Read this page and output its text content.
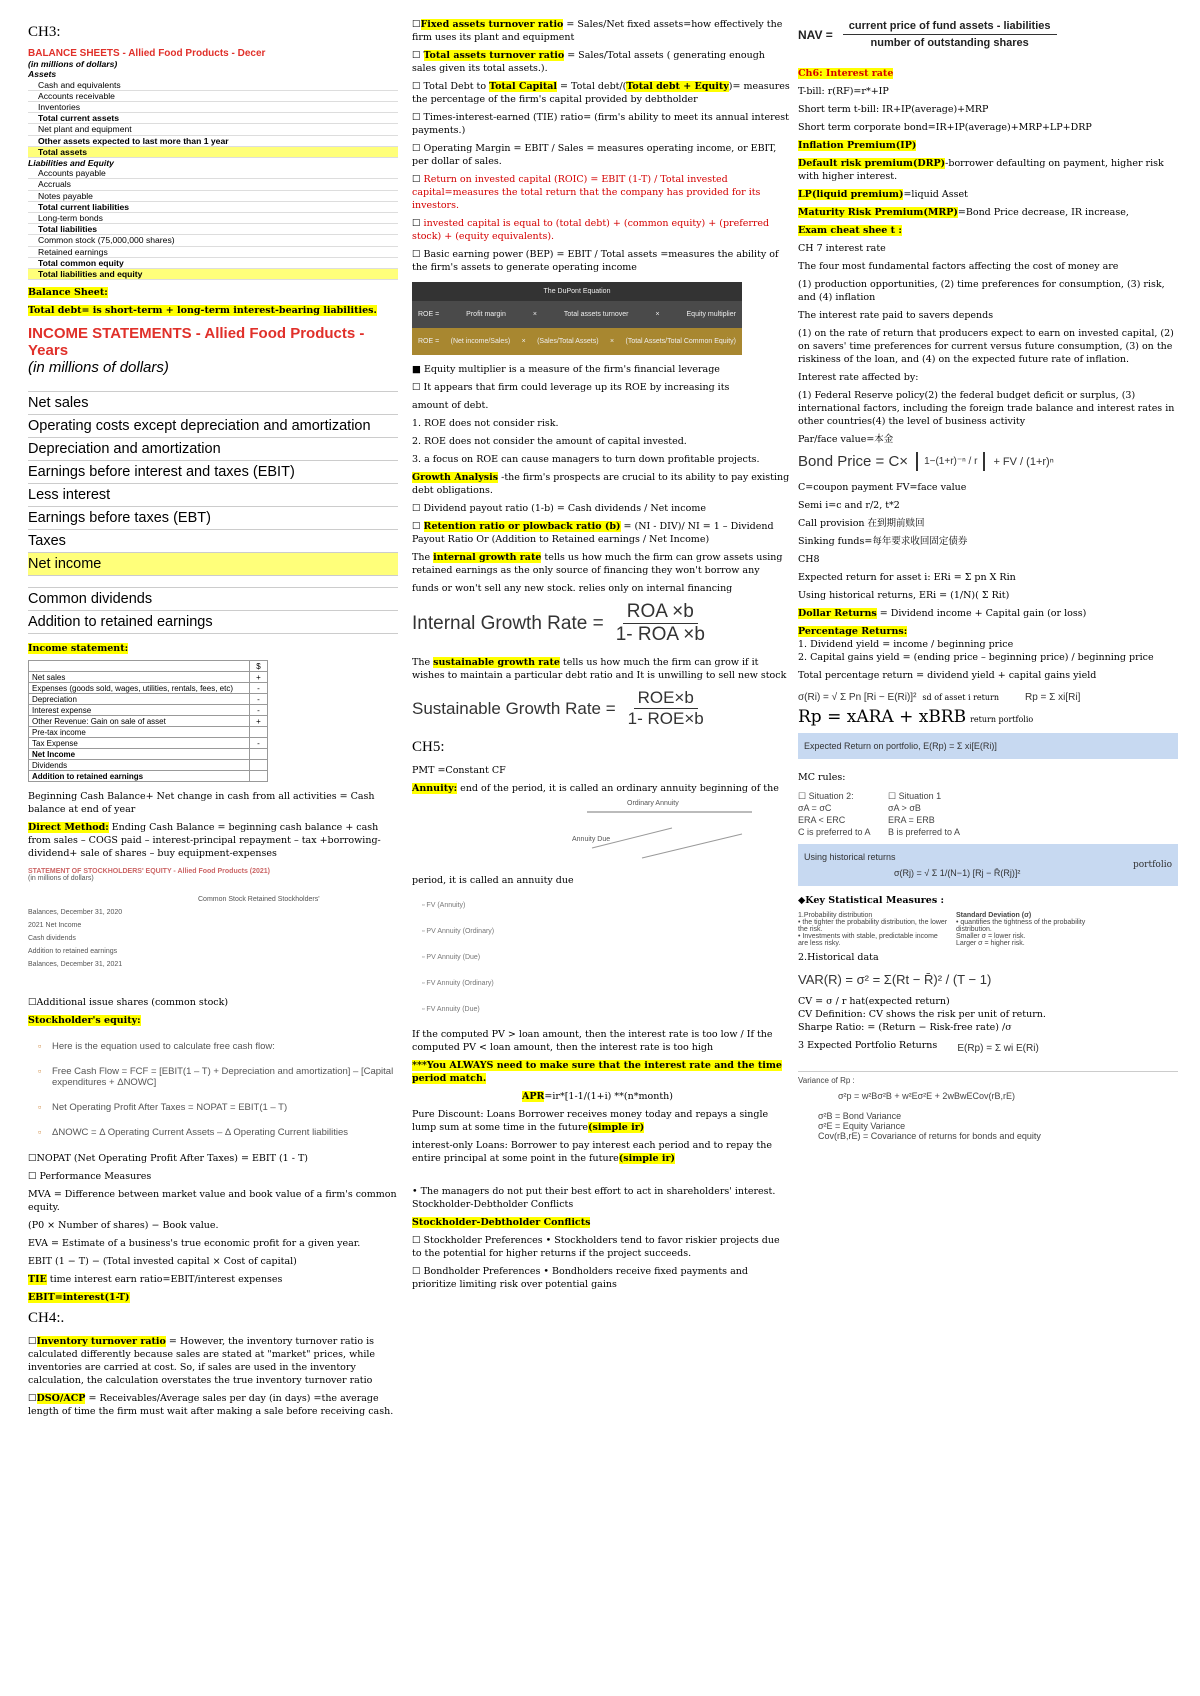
CH3:
BALANCE SHEETS - Allied Food Products - Decer
(in millions of dollars)
Assets
Cash and equivalents
Accounts receivable
Inventories
Total current assets
Net plant and equipment
Other assets expected to last more than 1 year
Total assets
Liabilities and Equity
Accounts payable
Accruals
Notes payable
Total current liabilities
Long-term bonds
Total liabilities
Common stock (75,000,000 shares)
Retained earnings
Total common equity
Total liabilities and equity

Balance Sheet:

Total debt= is short-term + long-term interest-bearing liabilities.

INCOME STATEMENTS - Allied Food Products - Years
(in millions of dollars)
Net sales
Operating costs except depreciation and amortization
Depreciation and amortization
Earnings before interest and taxes (EBIT)
Less interest
Earnings before taxes (EBT)
Taxes
Net income
Common dividends
Addition to retained earnings

Income statement:

	$
Net sales	+
Expenses (goods sold, wages, utilities, rentals, fees, etc)	-
Depreciation	-
Interest expense	-
Other Revenue: Gain on sale of asset	+
Pre-tax income	
Tax Expense	-
Net Income	
Dividends	
Addition to retained earnings	

Beginning Cash Balance+ Net change in cash from all activities = Cash balance at end of year

Direct Method: Ending Cash Balance = beginning cash balance + cash from sales – COGS paid – interest-principal repayment – tax +borrowing-dividend+ sale of shares – buy equipment-expenses

STATEMENT OF STOCKHOLDERS' EQUITY - Allied Food Products (2021)
(in millions of dollars)
Common Stock Retained Stockholders'
Balances, December 31, 2020
2021 Net Income
Cash dividends
Addition to retained earnings
Balances, December 31, 2021

☐Additional issue shares (common stock)

Stockholder's equity:

▫ Here is the equation used to calculate free cash flow:
▫ Free Cash Flow = FCF = [EBIT(1 – T) + Depreciation and amortization] – [Capital expenditures + ΔNOWC]
▫ Net Operating Profit After Taxes = NOPAT = EBIT(1 – T)
▫ ΔNOWC = Δ Operating Current Assets – Δ Operating Current liabilities

☐NOPAT (Net Operating Profit After Taxes) = EBIT (1 - T)

☐ Performance Measures

MVA = Difference between market value and book value of a firm's common equity.

(P0 × Number of shares) − Book value.

EVA = Estimate of a business's true economic profit for a given year.

EBIT (1 − T) − (Total invested capital × Cost of capital)

TIE time interest earn ratio=EBIT/interest expenses

EBIT=interest(1-T)

CH4:.

☐Inventory turnover ratio = However, the inventory turnover ratio is calculated differently because sales are stated at "market" prices, while inventories are carried at cost. So, if sales are used in the inventory calculation, the calculation overstates the true inventory turnover ratio

☐DSO/ACP = Receivables/Average sales per day (in days) =the average length of time the firm must wait after making a sale before receiving cash.

☐Fixed assets turnover ratio = Sales/Net fixed assets=how effectively the firm uses its plant and equipment

☐ Total assets turnover ratio = Sales/Total assets ( generating enough sales given its total assets.).

☐ Total Debt to Total Capital = Total debt/(Total debt + Equity)= measures the percentage of the firm's capital provided by debtholder

☐ Times-interest-earned (TIE) ratio= (firm's ability to meet its annual interest payments.)

☐ Operating Margin = EBIT / Sales = measures operating income, or EBIT, per dollar of sales.

☐ Return on invested capital (ROIC) = EBIT (1-T) / Total invested capital=measures the total return that the company has provided for its investors.

☐ invested capital is equal to (total debt) + (common equity) + (preferred stock) + (equity equivalents).

☐ Basic earning power (BEP) = EBIT / Total assets =measures the ability of the firm's assets to generate operating income

The DuPont Equation
ROE =	Profit margin	×	Total assets turnover	×	Equity multiplier
ROE = (Net income/Sales) × (Sales/Total Assets) × (Total Assets/Total Common Equity)

■ Equity multiplier is a measure of the firm's financial leverage

☐ It appears that firm could leverage up its ROE by increasing its

amount of debt.

1. ROE does not consider risk.

2. ROE does not consider the amount of capital invested.

3. a focus on ROE can cause managers to turn down profitable projects.

Growth Analysis -the firm's prospects are crucial to its ability to pay existing debt obligations.

☐ Dividend payout ratio (1-b) = Cash dividends / Net income

☐ Retention ratio or plowback ratio (b) = (NI - DIV)/ NI = 1 – Dividend Payout Ratio Or (Addition to Retained earnings / Net Income)

The internal growth rate tells us how much the firm can grow assets using retained earnings as the only source of financing they won't borrow any

funds or won't sell any new stock. relies only on internal financing

Internal Growth Rate = $\frac{\text{ROA ×b}}{\text{1- ROA ×b}}$

The sustainable growth rate tells us how much the firm can grow if it wishes to maintain a particular debt ratio and It is unwilling to sell new stock

Sustainable Growth Rate = $\frac{\text{ROE×b}}{\text{1- ROE×b}}$
CH5:

PMT =Constant CF

Annuity: end of the period, it is called an ordinary annuity beginning of the

Ordinary Annuity
Annuity Due

period, it is called an annuity due

▫ FV (Annuity)
▫ PV Annuity (Ordinary)
▫ PV Annuity (Due)
▫ FV Annuity (Ordinary)
▫ FV Annuity (Due)

If the computed PV > loan amount, then the interest rate is too low / If the computed PV < loan amount, then the interest rate is too high

***You ALWAYS need to make sure that the interest rate and the time period match.

APR=ir*[1-1/(1+i) **(n*month)

Pure Discount: Loans Borrower receives money today and repays a single lump sum at some time in the future(simple ir)

interest-only Loans: Borrower to pay interest each period and to repay the entire principal at some point in the future(simple ir)

• The managers do not put their best effort to act in shareholders' interest. Stockholder-Debtholder Conflicts

Stockholder-Debtholder Conflicts

☐ Stockholder Preferences • Stockholders tend to favor riskier projects due to the potential for higher returns if the project succeeds.

☐ Bondholder Preferences • Bondholders receive fixed payments and prioritize limiting risk over potential gains

NAV = $\frac{\text{current price of fund assets - liabilities}}{\text{number of outstanding shares}}$

Ch6: Interest rate

T-bill: r(RF)=r*+IP

Short term t-bill: IR+IP(average)+MRP

Short term corporate bond=IR+IP(average)+MRP+LP+DRP

Inflation Premium(IP)

Default risk premium(DRP)-borrower defaulting on payment, higher risk with higher interest.

LP(liquid premium)=liquid Asset

Maturity Risk Premium(MRP)=Bond Price decrease, IR increase,

Exam cheat shee t :

CH 7 interest rate

The four most fundamental factors affecting the cost of money are

(1) production opportunities, (2) time preferences for consumption, (3) risk, and (4) inflation

The interest rate paid to savers depends

(1) on the rate of return that producers expect to earn on invested capital, (2) on savers' time preferences for current versus future consumption, (3) on the riskiness of the loan, and (4) on the expected future rate of inflation.

Interest rate affected by:

(1) Federal Reserve policy(2) the federal budget deficit or surplus, (3) international factors, including the foreign trade balance and interest rates in other countries(4) the level of business activity

Par/face value=本金

Bond Price = C×	1−(1+r)⁻ⁿ / r	+ FV / (1+r)ⁿ

C=coupon payment FV=face value

Semi i=c and r/2, t*2

Call provision 在到期前赎回

Sinking funds=每年要求收回固定债券

CH8

Expected return for asset i: ERi = Σ pn X Rin

Using historical returns, ERi = (1/N)( Σ Rit)

Dollar Returns = Dividend income + Capital gain (or loss)

Percentage Returns:

1. Dividend yield = income / beginning price

2. Capital gains yield = (ending price – beginning price) / beginning price

Total percentage return = dividend yield + capital gains yield

σ(Ri) = √ Σ Pn [Ri − E(Ri)]² sd of asset i return	Rp = Σ xi[Ri]
Rp = xARA + xBRB return portfolio
Expected Return on portfolio, E(Rp) = Σ xi[E(Ri)]

MC rules:

☐ Situation 2:	☐ Situation 1
σA = σC	σA > σB
ERA < ERC	ERA = ERB
C is preferred to A	B is preferred to A
Using historical returns
σ(Rj) = √ Σ 1/(N−1) [Rj − R̄(Rj)]²
portfolio

◆Key Statistical Measures :

1.Probability distribution
• the tighter the probability distribution, the lower the risk.
• Investments with stable, predictable income are less risky.
Standard Deviation (σ)
• quantifies the tightness of the probability distribution.
Smaller σ = lower risk.
Larger σ = higher risk.

2.Historical data

VAR(R) = σ² = Σ(Rt − R̄)² / (T − 1)

CV = σ / r hat(expected return)

CV Definition: CV shows the risk per unit of return.

Sharpe Ratio: = (Return − Risk-free rate) /σ

3 Expected Portfolio Returns E(Rp) = Σ wi E(Ri)
Variance of Rp :
σ²p = w²Bσ²B + w²Eσ²E + 2wBwECov(rB,rE)
σ²B = Bond Variance
σ²E = Equity Variance
Cov(rB,rE) = Covariance of returns for bonds and equity
